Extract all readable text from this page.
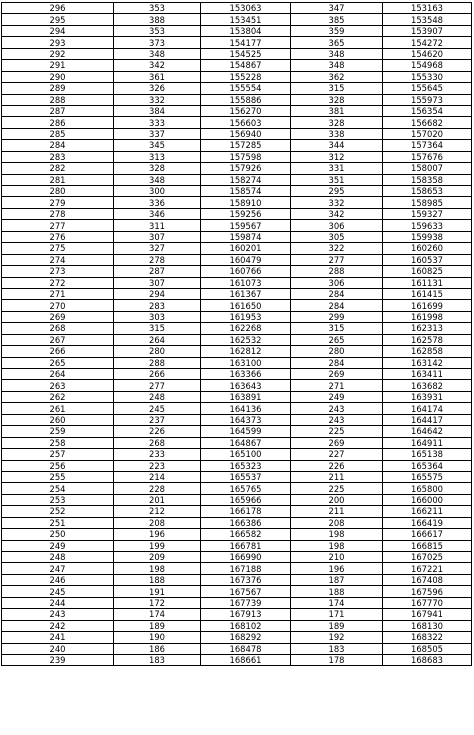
296	353	153063	347	153163
295	388	153451	385	153548
294	353	153804	359	153907
293	373	154177	365	154272
292	348	154525	348	154620
291	342	154867	348	154968
290	361	155228	362	155330
289	326	155554	315	155645
288	332	155886	328	155973
287	384	156270	381	156354
286	333	156603	328	156682
285	337	156940	338	157020
284	345	157285	344	157364
283	313	157598	312	157676
282	328	157926	331	158007
281	348	158274	351	158358
280	300	158574	295	158653
279	336	158910	332	158985
278	346	159256	342	159327
277	311	159567	306	159633
276	307	159874	305	159938
275	327	160201	322	160260
274	278	160479	277	160537
273	287	160766	288	160825
272	307	161073	306	161131
271	294	161367	284	161415
270	283	161650	284	161699
269	303	161953	299	161998
268	315	162268	315	162313
267	264	162532	265	162578
266	280	162812	280	162858
265	288	163100	284	163142
264	266	163366	269	163411
263	277	163643	271	163682
262	248	163891	249	163931
261	245	164136	243	164174
260	237	164373	243	164417
259	226	164599	225	164642
258	268	164867	269	164911
257	233	165100	227	165138
256	223	165323	226	165364
255	214	165537	211	165575
254	228	165765	225	165800
253	201	165966	200	166000
252	212	166178	211	166211
251	208	166386	208	166419
250	196	166582	198	166617
249	199	166781	198	166815
248	209	166990	210	167025
247	198	167188	196	167221
246	188	167376	187	167408
245	191	167567	188	167596
244	172	167739	174	167770
243	174	167913	171	167941
242	189	168102	189	168130
241	190	168292	192	168322
240	186	168478	183	168505
239	183	168661	178	168683
